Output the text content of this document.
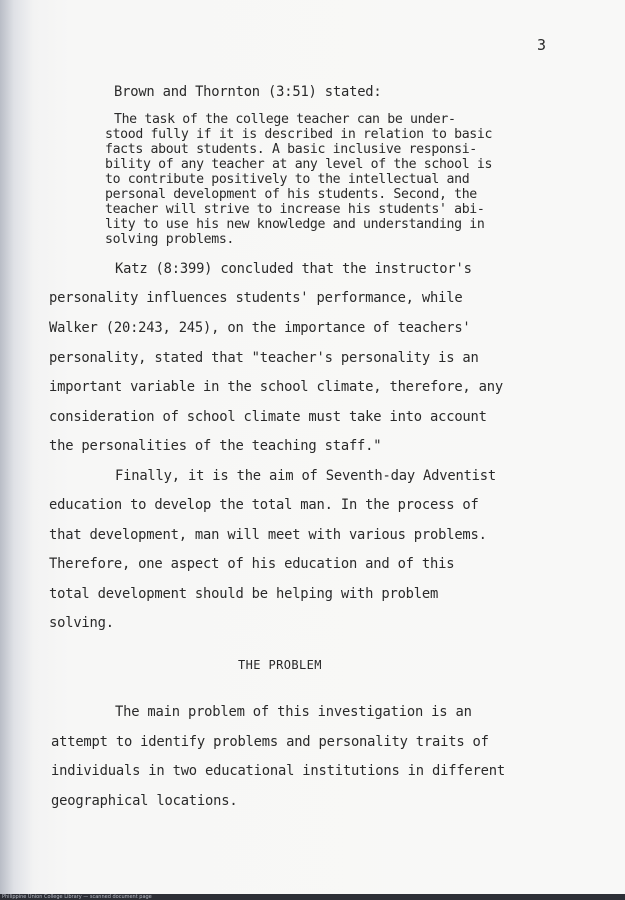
3
Brown and Thornton (3:51) stated:
The task of the college teacher can be under-
stood fully if it is described in relation to basic
facts about students. A basic inclusive responsi-
bility of any teacher at any level of the school is
to contribute positively to the intellectual and
personal development of his students. Second, the
teacher will strive to increase his students' abi-
lity to use his new knowledge and understanding in
solving problems.
Katz (8:399) concluded that the instructor's
personality influences students' performance, while
Walker (20:243, 245), on the importance of teachers'
personality, stated that "teacher's personality is an
important variable in the school climate, therefore, any
consideration of school climate must take into account
the personalities of the teaching staff."
Finally, it is the aim of Seventh-day Adventist
education to develop the total man. In the process of
that development, man will meet with various problems.
Therefore, one aspect of his education and of this
total development should be helping with problem
solving.
THE PROBLEM
The main problem of this investigation is an
attempt to identify problems and personality traits of
individuals in two educational institutions in different
geographical locations.
Philippine Union College Library — scanned document page
